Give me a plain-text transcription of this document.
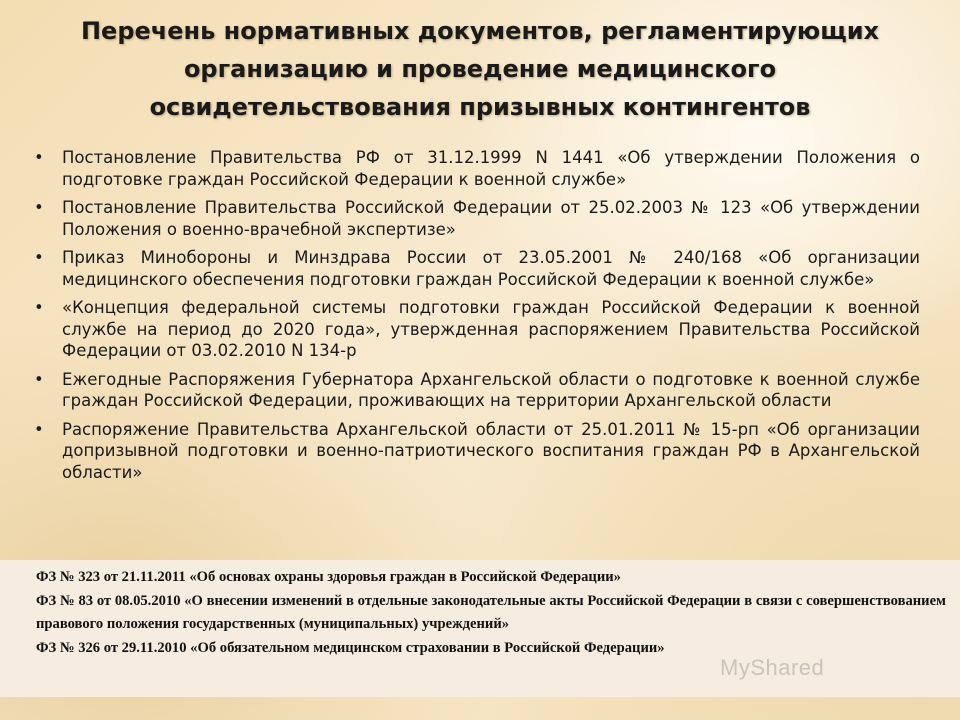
Перечень нормативных документов, регламентирующих организацию и проведение медицинского освидетельствования призывных контингентов
• Постановление Правительства РФ от 31.12.1999 N 1441 «Об утверждении Положения о подготовке граждан Российской Федерации к военной службе»
• Постановление Правительства Российской Федерации от 25.02.2003 № 123 «Об утверждении Положения о военно-врачебной экспертизе»
• Приказ Минобороны и Минздрава России от 23.05.2001 № 240/168 «Об организации медицинского обеспечения подготовки граждан Российской Федерации к военной службе»
• «Концепция федеральной системы подготовки граждан Российской Федерации к военной службе на период до 2020 года», утвержденная распоряжением Правительства Российской Федерации от 03.02.2010 N 134-р
• Ежегодные Распоряжения Губернатора Архангельской области о подготовке к военной службе граждан Российской Федерации, проживающих на территории Архангельской области
• Распоряжение Правительства Архангельской области от 25.01.2011 № 15-рп «Об организации допризывной подготовки и военно-патриотического воспитания граждан РФ в Архангельской области»

ФЗ № 323 от 21.11.2011 «Об основах охраны здоровья граждан в Российской Федерации»

ФЗ № 83 от 08.05.2010 «О внесении изменений в отдельные законодательные акты Российской Федерации в связи с совершенствованием правового положения государственных (муниципальных) учреждений»

ФЗ № 326 от 29.11.2010 «Об обязательном медицинском страховании в Российской Федерации»

MyShared
